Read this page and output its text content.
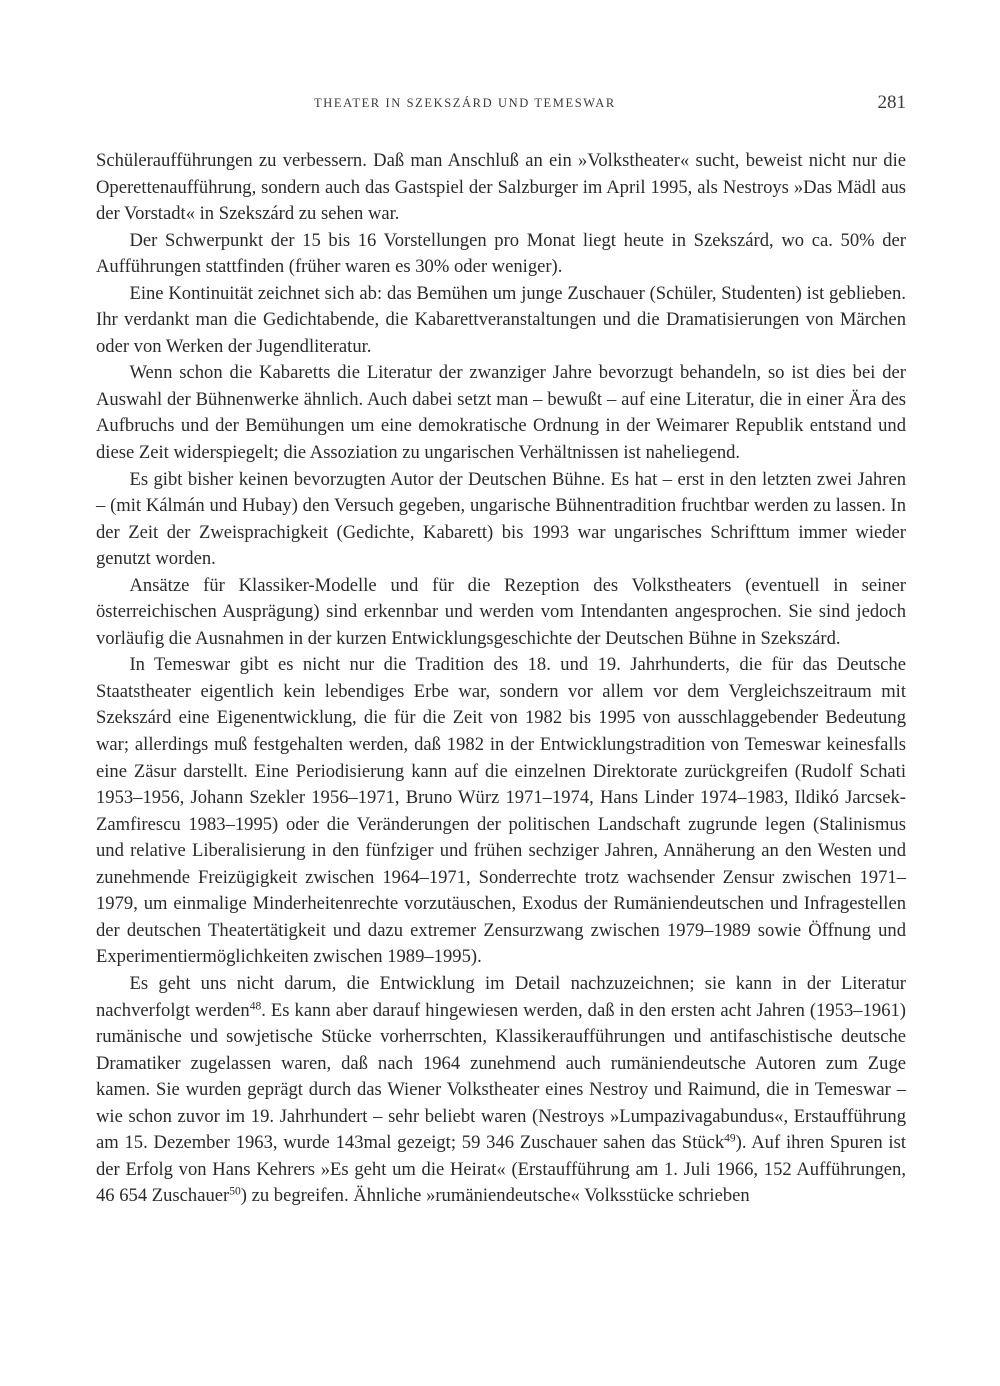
THEATER IN SZEKSZÁRD UND TEMESWAR	281

Schüleraufführungen zu verbessern. Daß man Anschluß an ein »Volkstheater« sucht, beweist nicht nur die Operettenaufführung, sondern auch das Gastspiel der Salzburger im April 1995, als Nestroys »Das Mädl aus der Vorstadt« in Szekszárd zu sehen war.

Der Schwerpunkt der 15 bis 16 Vorstellungen pro Monat liegt heute in Szekszárd, wo ca. 50% der Aufführungen stattfinden (früher waren es 30% oder weniger).

Eine Kontinuität zeichnet sich ab: das Bemühen um junge Zuschauer (Schüler, Studenten) ist geblieben. Ihr verdankt man die Gedichtabende, die Kabarettveranstaltungen und die Dramatisierungen von Märchen oder von Werken der Jugendliteratur.

Wenn schon die Kabaretts die Literatur der zwanziger Jahre bevorzugt behandeln, so ist dies bei der Auswahl der Bühnenwerke ähnlich. Auch dabei setzt man – bewußt – auf eine Literatur, die in einer Ära des Aufbruchs und der Bemühungen um eine demokratische Ordnung in der Weimarer Republik entstand und diese Zeit widerspiegelt; die Assoziation zu ungarischen Verhältnissen ist naheliegend.

Es gibt bisher keinen bevorzugten Autor der Deutschen Bühne. Es hat – erst in den letzten zwei Jahren – (mit Kálmán und Hubay) den Versuch gegeben, ungarische Bühnentradition fruchtbar werden zu lassen. In der Zeit der Zweisprachigkeit (Gedichte, Kabarett) bis 1993 war ungarisches Schrifttum immer wieder genutzt worden.

Ansätze für Klassiker-Modelle und für die Rezeption des Volkstheaters (eventuell in seiner österreichischen Ausprägung) sind erkennbar und werden vom Intendanten angesprochen. Sie sind jedoch vorläufig die Ausnahmen in der kurzen Entwicklungsgeschichte der Deutschen Bühne in Szekszárd.

In Temeswar gibt es nicht nur die Tradition des 18. und 19. Jahrhunderts, die für das Deutsche Staatstheater eigentlich kein lebendiges Erbe war, sondern vor allem vor dem Vergleichszeitraum mit Szekszárd eine Eigenentwicklung, die für die Zeit von 1982 bis 1995 von ausschlaggebender Bedeutung war; allerdings muß festgehalten werden, daß 1982 in der Entwicklungstradition von Temeswar keinesfalls eine Zäsur darstellt. Eine Periodisierung kann auf die einzelnen Direktorate zurückgreifen (Rudolf Schati 1953–1956, Johann Szekler 1956–1971, Bruno Würz 1971–1974, Hans Linder 1974–1983, Ildikó Jarcsek-Zamfirescu 1983–1995) oder die Veränderungen der politischen Landschaft zugrunde legen (Stalinismus und relative Liberalisierung in den fünfziger und frühen sechziger Jahren, Annäherung an den Westen und zunehmende Freizügigkeit zwischen 1964–1971, Sonderrechte trotz wachsender Zensur zwischen 1971–1979, um einmalige Minderheitenrechte vorzutäuschen, Exodus der Rumäniendeutschen und Infragestellen der deutschen Theatertätigkeit und dazu extremer Zensurzwang zwischen 1979–1989 sowie Öffnung und Experimentiermöglichkeiten zwischen 1989–1995).

Es geht uns nicht darum, die Entwicklung im Detail nachzuzeichnen; sie kann in der Literatur nachverfolgt werden$^{48}$. Es kann aber darauf hingewiesen werden, daß in den ersten acht Jahren (1953–1961) rumänische und sowjetische Stücke vorherrschten, Klassikeraufführungen und antifaschistische deutsche Dramatiker zugelassen waren, daß nach 1964 zunehmend auch rumäniendeutsche Autoren zum Zuge kamen. Sie wurden geprägt durch das Wiener Volkstheater eines Nestroy und Raimund, die in Temeswar – wie schon zuvor im 19. Jahrhundert – sehr beliebt waren (Nestroys »Lumpazivagabundus«, Erstaufführung am 15. Dezember 1963, wurde 143mal gezeigt; 59 346 Zuschauer sahen das Stück$^{49}$). Auf ihren Spuren ist der Erfolg von Hans Kehrers »Es geht um die Heirat« (Erstaufführung am 1. Juli 1966, 152 Aufführungen, 46 654 Zuschauer$^{50}$) zu begreifen. Ähnliche »rumäniendeutsche« Volksstücke schrieben
